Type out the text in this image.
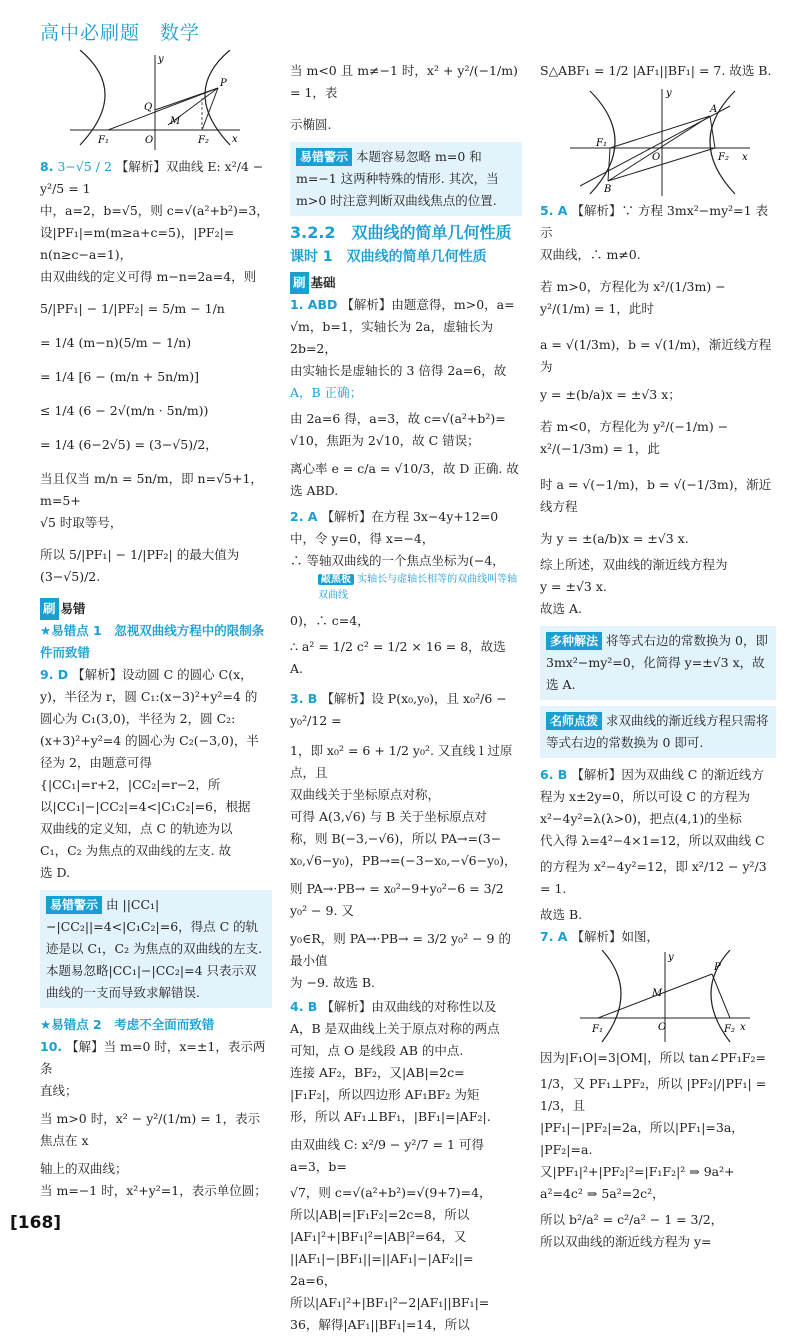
高中必刷题　数学
y
x
O
P
Q
M
F₁	F₂
8. 3−√5 / 2 【解析】双曲线 E: x²/4 − y²/5 = 1
中，a=2，b=√5，则 c=√(a²+b²)=3，
设|PF₁|=m(m≥a+c=5)，|PF₂|=
n(n≥c−a=1)，
由双曲线的定义可得 m−n=2a=4，则
5/|PF₁| − 1/|PF₂| = 5/m − 1/n
= 1/4 (m−n)(5/m − 1/n)
= 1/4 [6 − (m/n + 5n/m)]
≤ 1/4 (6 − 2√(m/n · 5n/m))
= 1/4 (6−2√5) = (3−√5)/2，
当且仅当 m/n = 5n/m，即 n=√5+1，m=5+
√5 时取等号，
所以 5/|PF₁| − 1/|PF₂| 的最大值为 (3−√5)/2.
刷 易错
★易错点 1　忽视双曲线方程中的限制条件而致错
9. D 【解析】设动圆 C 的圆心 C(x，
y)，半径为 r，圆 C₁:(x−3)²+y²=4 的
圆心为 C₁(3,0)，半径为 2，圆 C₂:
(x+3)²+y²=4 的圆心为 C₂(−3,0)，半
径为 2，由题意可得 {|CC₁|=r+2，|CC₂|=r−2，所
以|CC₁|−|CC₂|=4<|C₁C₂|=6，根据
双曲线的定义知，点 C 的轨迹为以
C₁，C₂ 为焦点的双曲线的左支. 故
选 D.
易错警示 由 ||CC₁|−|CC₂||=4<|C₁C₂|=6，得点 C 的轨迹是以 C₁，C₂ 为焦点的双曲线的左支. 本题易忽略|CC₁|−|CC₂|=4 只表示双曲线的一支而导致求解错误.
★易错点 2　考虑不全面而致错
10. 【解】当 m=0 时，x=±1，表示两条
直线；
当 m>0 时，x² − y²/(1/m) = 1，表示焦点在 x
轴上的双曲线；
当 m=−1 时，x²+y²=1，表示单位圆；
当 m<0 且 m≠−1 时，x² + y²/(−1/m) = 1，表
示椭圆.
易错警示 本题容易忽略 m=0 和 m=−1 这两种特殊的情形. 其次，当 m>0 时注意判断双曲线焦点的位置.
3.2.2　双曲线的简单几何性质
课时 1　双曲线的简单几何性质
刷 基础
1. ABD 【解析】由题意得，m>0，a=
√m，b=1，实轴长为 2a，虚轴长为 2b=2，
由实轴长是虚轴长的 3 倍得 2a=6，故
A，B 正确；
由 2a=6 得，a=3，故 c=√(a²+b²)=
√10，焦距为 2√10，故 C 错误；
离心率 e = c/a = √10/3，故 D 正确. 故
选 ABD.
2. A 【解析】在方程 3x−4y+12=0
中，令 y=0，得 x=−4，
∴ 等轴双曲线的一个焦点坐标为(−4，
敲黑板 实轴长与虚轴长相等的双曲线叫等轴双曲线
0)，∴ c=4，
∴ a² = 1/2 c² = 1/2 × 16 = 8，故选 A.
3. B 【解析】设 P(x₀,y₀)，且 x₀²/6 − y₀²/12 =
1，即 x₀² = 6 + 1/2 y₀². 又直线 l 过原点，且
双曲线关于坐标原点对称，
可得 A(3,√6) 与 B 关于坐标原点对
称，则 B(−3,−√6)，所以 PA→=(3−
x₀,√6−y₀)，PB→=(−3−x₀,−√6−y₀)，
则 PA→·PB→ = x₀²−9+y₀²−6 = 3/2 y₀² − 9. 又
y₀∈R，则 PA→·PB→ = 3/2 y₀² − 9 的最小值
为 −9. 故选 B.
4. B 【解析】由双曲线的对称性以及
A，B 是双曲线上关于原点对称的两点
可知，点 O 是线段 AB 的中点.
连接 AF₂，BF₂，又|AB|=2c=
|F₁F₂|，所以四边形 AF₁BF₂ 为矩
形，所以 AF₁⊥BF₁，|BF₁|=|AF₂|.
由双曲线 C: x²/9 − y²/7 = 1 可得 a=3，b=
√7，则 c=√(a²+b²)=√(9+7)=4，
所以|AB|=|F₁F₂|=2c=8，所以
|AF₁|²+|BF₁|²=|AB|²=64，又
||AF₁|−|BF₁||=||AF₁|−|AF₂||=
2a=6，
所以|AF₁|²+|BF₁|²−2|AF₁||BF₁|=
36，解得|AF₁||BF₁|=14，所以
S△ABF₁ = 1/2 |AF₁||BF₁| = 7. 故选 B.
y
x
O
A
B
F₁
F₂
5. A 【解析】∵ 方程 3mx²−my²=1 表示
双曲线，∴ m≠0.
若 m>0，方程化为 x²/(1/3m) − y²/(1/m) = 1，此时
a = √(1/3m)，b = √(1/m)，渐近线方程为
y = ±(b/a)x = ±√3 x；
若 m<0，方程化为 y²/(−1/m) − x²/(−1/3m) = 1，此
时 a = √(−1/m)，b = √(−1/3m)，渐近线方程
为 y = ±(a/b)x = ±√3 x.
综上所述，双曲线的渐近线方程为
y = ±√3 x.
故选 A.
多种解法 将等式右边的常数换为 0，即 3mx²−my²=0，化简得 y=±√3 x，故选 A.
名师点拨 求双曲线的渐近线方程只需将等式右边的常数换为 0 即可.
6. B 【解析】因为双曲线 C 的渐近线方
程为 x±2y=0，所以可设 C 的方程为
x²−4y²=λ(λ>0)，把点(4,1)的坐标
代入得 λ=4²−4×1=12，所以双曲线 C
的方程为 x²−4y²=12，即 x²/12 − y²/3 = 1.
故选 B.
7. A 【解析】如图，
y
x
O
P
M
F₁	F₂
因为|F₁O|=3|OM|，所以 tan∠PF₁F₂=
1/3，又 PF₁⊥PF₂，所以 |PF₂|/|PF₁| = 1/3，且
|PF₁|−|PF₂|=2a，所以|PF₁|=3a，
|PF₂|=a.
又|PF₁|²+|PF₂|²=|F₁F₂|² ⇒ 9a²+
a²=4c² ⇒ 5a²=2c²，
所以 b²/a² = c²/a² − 1 = 3/2，
所以双曲线的渐近线方程为 y=
[168]
